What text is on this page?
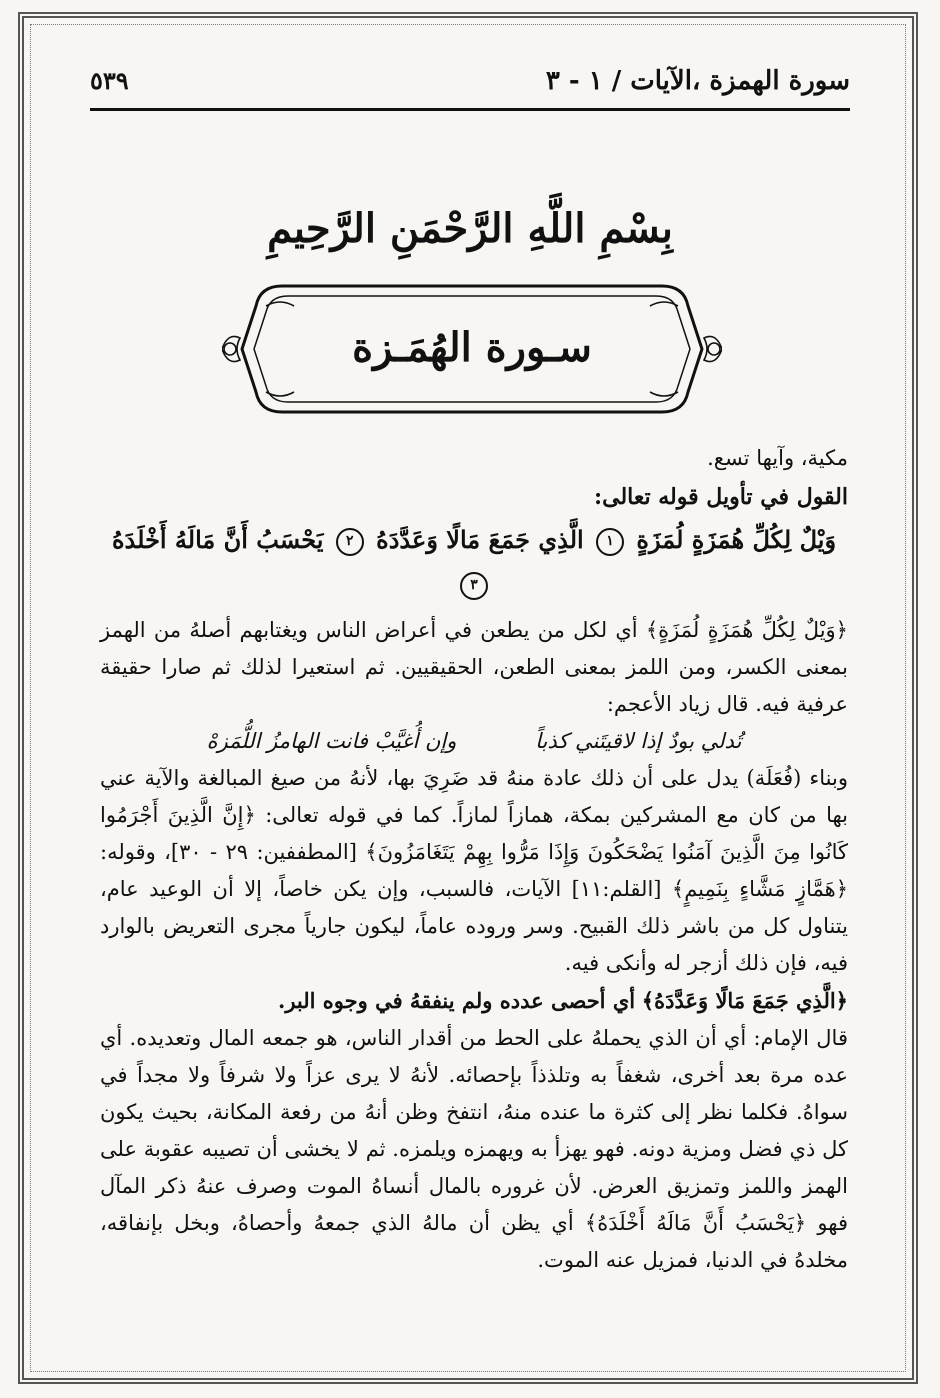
سورة الهمزة ،الآيات / ١ - ٣
٥٣٩
بِسْمِ اللَّهِ الرَّحْمَنِ الرَّحِيمِ
سـورة الهُمَـزة

مكية، وآيها تسع.

القول في تأويل قوله تعالى:

وَيْلٌ لِكُلِّ هُمَزَةٍ لُمَزَةٍ ١ الَّذِي جَمَعَ مَالًا وَعَدَّدَهُ ٢ يَحْسَبُ أَنَّ مَالَهُ أَخْلَدَهُ ٣

﴿وَيْلٌ لِكُلِّ هُمَزَةٍ لُمَزَةٍ﴾ أي لكل من يطعن في أعراض الناس ويغتابهم أصلهُ من الهمز بمعنى الكسر، ومن اللمز بمعنى الطعن، الحقيقيين. ثم استعيرا لذلك ثم صارا حقيقة عرفية فيه. قال زياد الأعجم:

تُدلي بودٌ إذا لاقيتَني كذباً وإن أُغيَّبْ فانت الهامزُ اللُّمَزهْ

وبناء (فُعَلَة) يدل على أن ذلك عادة منهُ قد ضَرِيَ بها، لأنهُ من صيغ المبالغة والآية عني بها من كان مع المشركين بمكة، همازاً لمازاً. كما في قوله تعالى: ﴿إِنَّ الَّذِينَ أَجْرَمُوا كَانُوا مِنَ الَّذِينَ آمَنُوا يَضْحَكُونَ وَإِذَا مَرُّوا بِهِمْ يَتَغَامَزُونَ﴾ [المطففين: ٢٩ - ٣٠]، وقوله: ﴿هَمَّازٍ مَشَّاءٍ بِنَمِيمٍ﴾ [القلم:١١] الآيات، فالسبب، وإن يكن خاصاً، إلا أن الوعيد عام، يتناول كل من باشر ذلك القبيح. وسر وروده عاماً، ليكون جارياً مجرى التعريض بالوارد فيه، فإن ذلك أزجر له وأنكى فيه.

﴿الَّذِي جَمَعَ مَالًا وَعَدَّدَهُ﴾ أي أحصى عدده ولم ينفقهُ في وجوه البر.

قال الإمام: أي أن الذي يحملهُ على الحط من أقدار الناس، هو جمعه المال وتعديده. أي عده مرة بعد أخرى، شغفاً به وتلذذاً بإحصائه. لأنهُ لا يرى عزاً ولا شرفاً ولا مجداً في سواهُ. فكلما نظر إلى كثرة ما عنده منهُ، انتفخ وظن أنهُ من رفعة المكانة، بحيث يكون كل ذي فضل ومزية دونه. فهو يهزأ به ويهمزه ويلمزه. ثم لا يخشى أن تصيبه عقوبة على الهمز واللمز وتمزيق العرض. لأن غروره بالمال أنساهُ الموت وصرف عنهُ ذكر المآل فهو ﴿يَحْسَبُ أَنَّ مَالَهُ أَخْلَدَهُ﴾ أي يظن أن مالهُ الذي جمعهُ وأحصاهُ، وبخل بإنفاقه، مخلدهُ في الدنيا، فمزيل عنه الموت.
